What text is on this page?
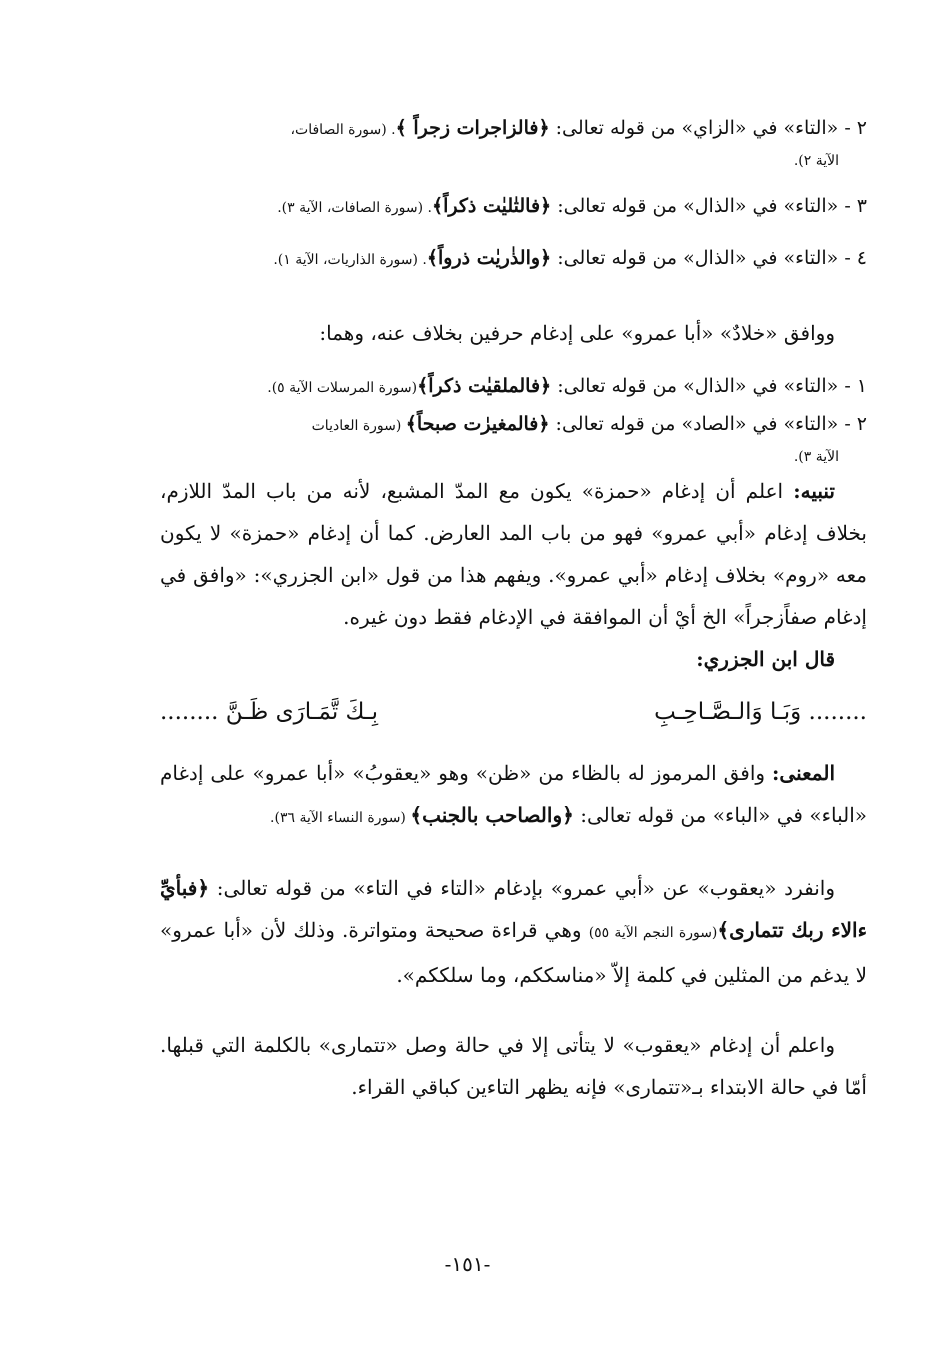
٢ - «التاء» في «الزاي» من قوله تعالى: ﴿فالزاجرات زجراً ﴾. (سورة الصافات،
الآية ٢).
٣ - «التاء» في «الذال» من قوله تعالى: ﴿فالتٰليٰت ذكراً﴾. (سورة الصافات، الآية ٣).
٤ - «التاء» في «الذال» من قوله تعالى: ﴿والذٰريٰت ذرواً﴾. (سورة الذاريات، الآية ١).
ووافق «خلادٌ» «أبا عمرو» على إدغام حرفين بخلاف عنه، وهما:
١ - «التاء» في «الذال» من قوله تعالى: ﴿فالملقيٰت ذكراً﴾(سورة المرسلات الآية ٥).
٢ - «التاء» في «الصاد» من قوله تعالى: ﴿فالمغيرٰت صبحاً﴾ (سورة العاديات
الآية ٣).
تنبيه: اعلم أن إدغام «حمزة» يكون مع المدّ المشبع، لأنه من باب المدّ اللازم، بخلاف إدغام «أبي عمرو» فهو من باب المد العارض. كما أن إدغام «حمزة» لا يكون معه «روم» بخلاف إدغام «أبي عمرو». ويفهم هذا من قول «ابن الجزري»: «وافق في إدغام صفاًزجراً» الخ أيْ أن الموافقة في الإدغام فقط دون غيره.
قال ابن الجزري:
........ وَبَـا وَالـصَّـاحِـبِ
بِـكَ تَّمَـارَى ظَـنَّ ........
المعنى: وافق المرموز له بالظاء من «ظن» وهو «يعقوبُ» «أبا عمرو» على إدغام «الباء» في «الباء» من قوله تعالى: ﴿والصاحب بالجنب﴾ (سورة النساء الآية ٣٦).
وانفرد «يعقوب» عن «أبي عمرو» بإدغام «التاء في التاء» من قوله تعالى: ﴿فبأيِّ ءالاء ربك تتمارى﴾(سورة النجم الآية ٥٥) وهي قراءة صحيحة ومتواترة. وذلك لأن «أبا عمرو» لا يدغم من المثلين في كلمة إلاّ «مناسككم، وما سلككم».
واعلم أن إدغام «يعقوب» لا يتأتى إلا في حالة وصل «تتمارى» بالكلمة التي قبلها. أمّا في حالة الابتداء بـ«تتمارى» فإنه يظهر التاءين كباقي القراء.
-١٥١-
